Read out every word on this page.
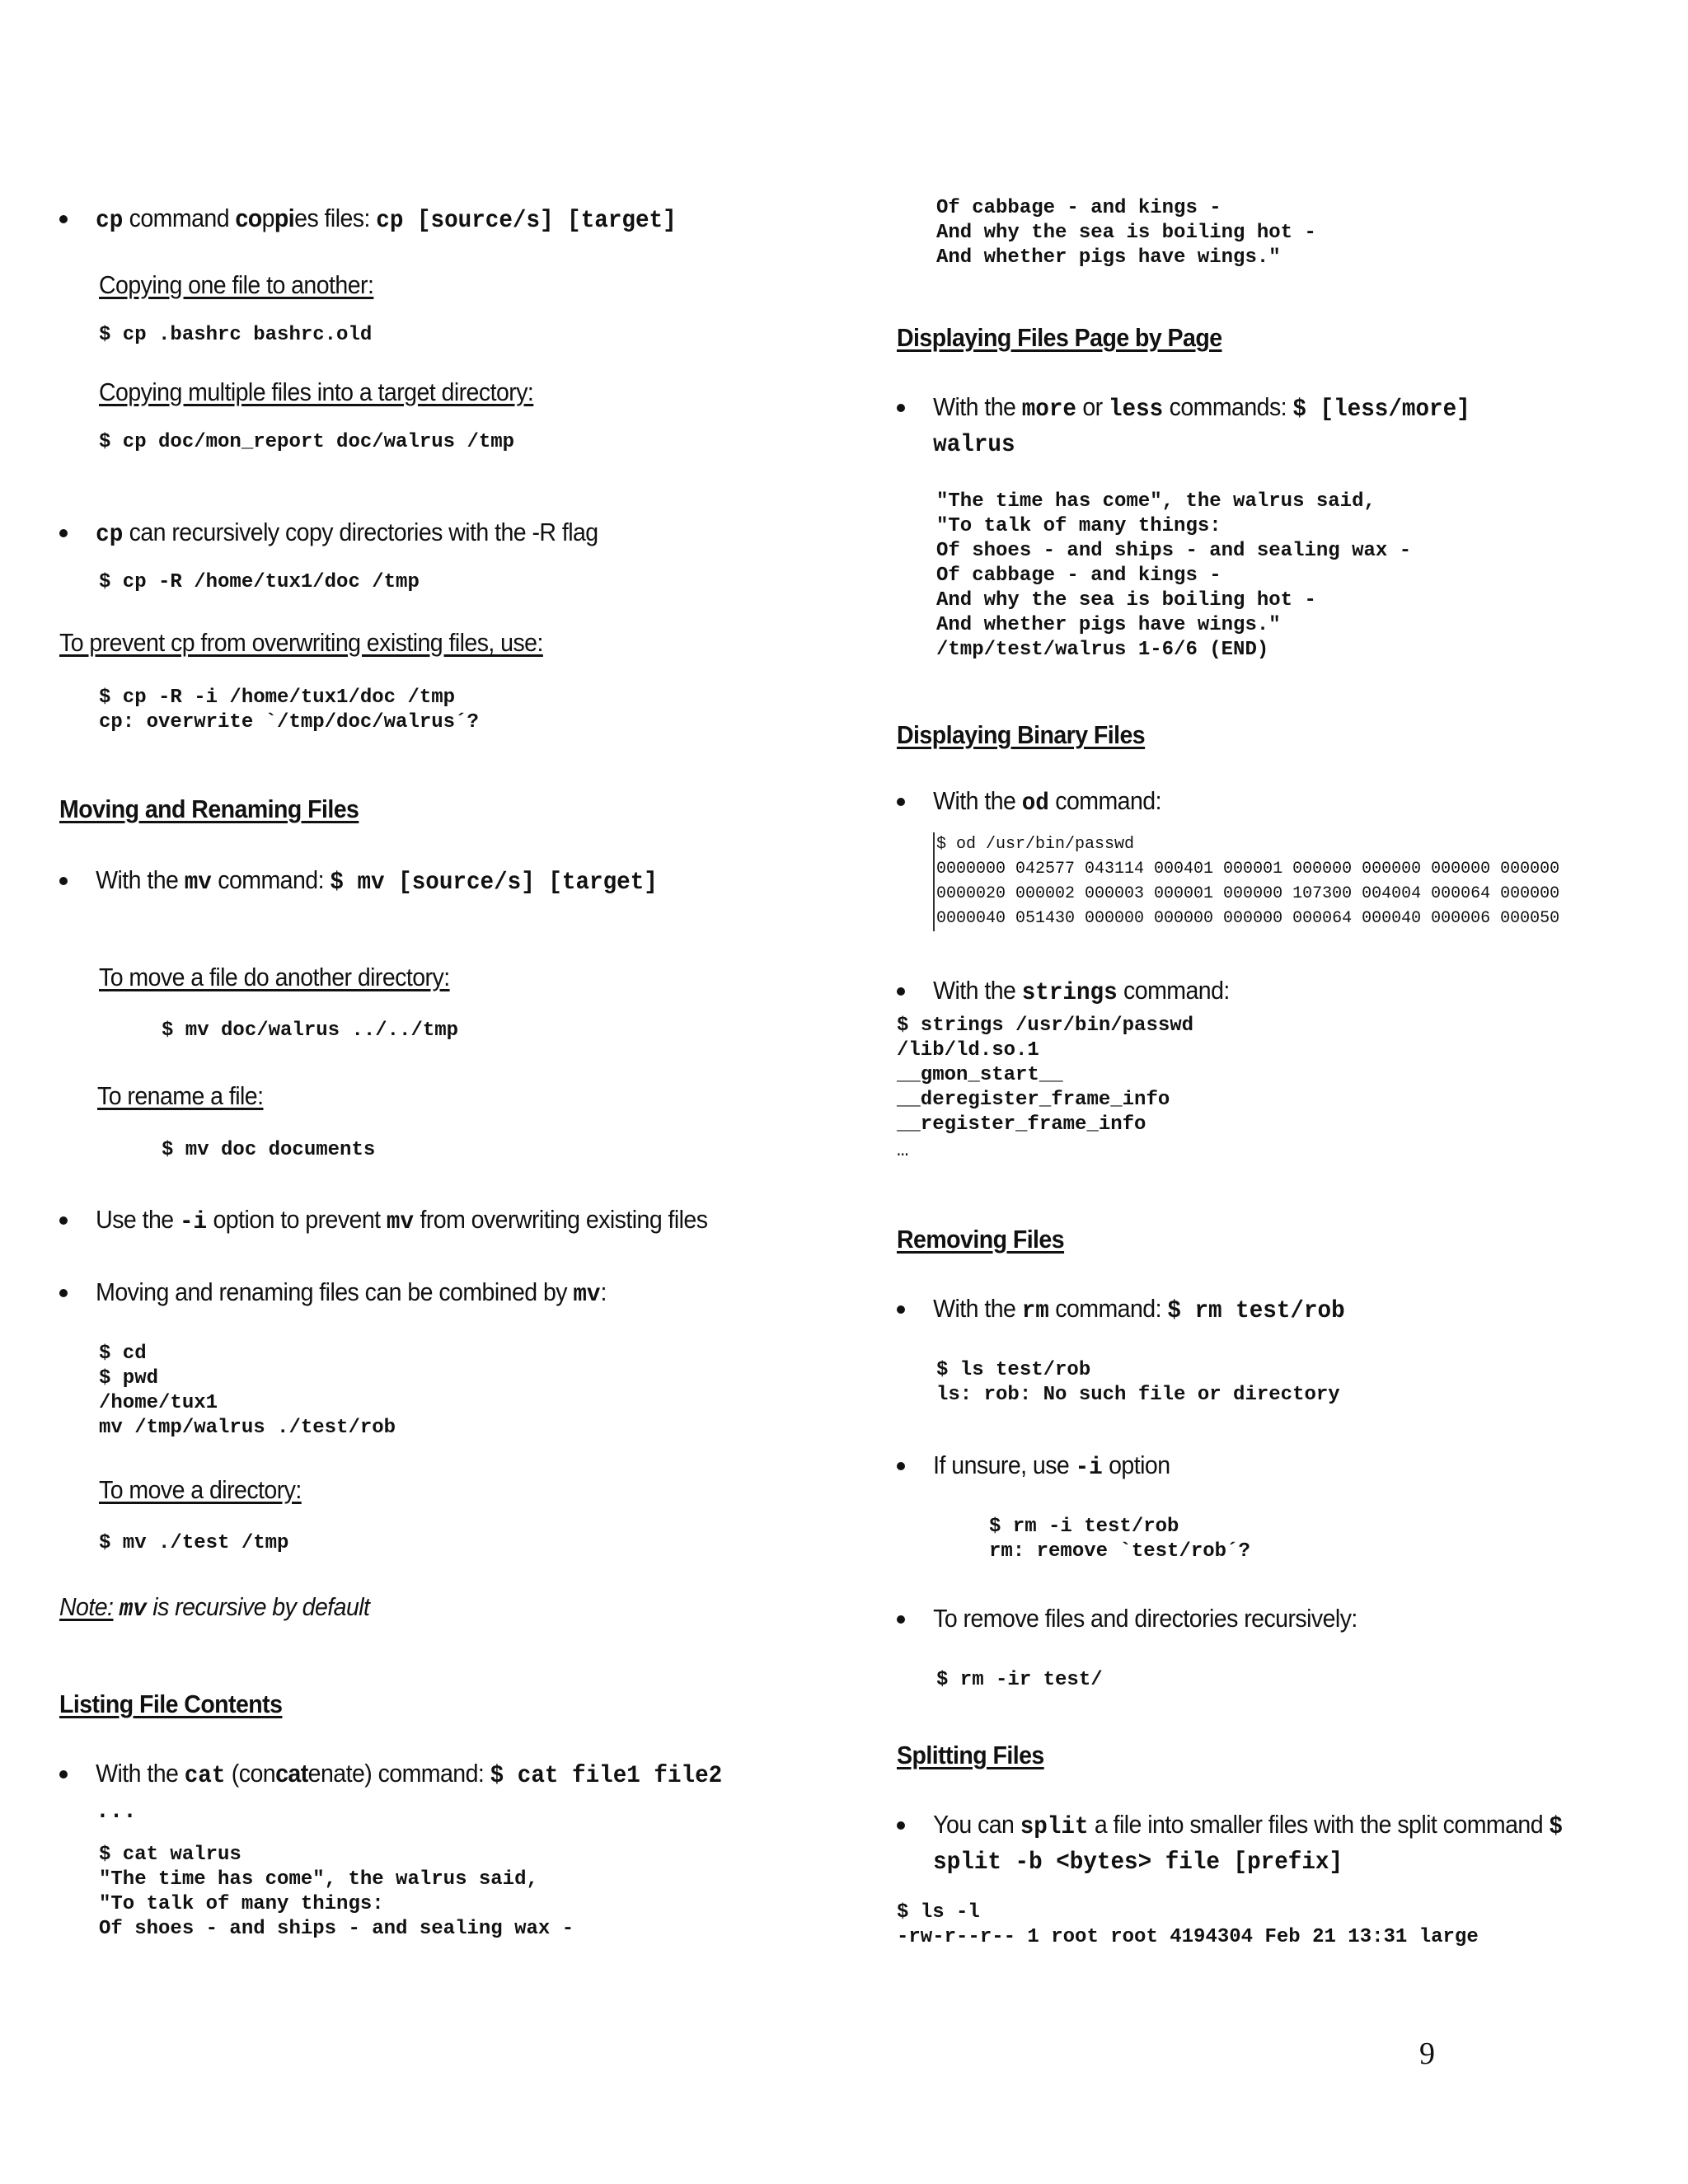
cp command coppies files: cp [source/s] [target]
Copying one file to another:
$ cp .bashrc bashrc.old
Copying multiple files into a target directory:
$ cp doc/mon_report doc/walrus /tmp
cp can recursively copy directories with the -R flag
$ cp -R /home/tux1/doc /tmp
To prevent cp from overwriting existing files, use:
$ cp -R -i /home/tux1/doc /tmp
cp: overwrite `/tmp/doc/walrus´?
Moving and Renaming Files
With the mv command: $ mv [source/s] [target]
To move a file do another directory:
$ mv doc/walrus ../../tmp
To rename a file:
$ mv doc documents
Use the -i option to prevent mv from overwriting existing files
Moving and renaming files can be combined by mv:
$ cd
$ pwd
/home/tux1
mv /tmp/walrus ./test/rob
To move a directory:
$ mv ./test /tmp
Note: mv is recursive by default
Listing File Contents
With the cat (concatenate) command: $ cat file1 file2
...
$ cat walrus
"The time has come", the walrus said,
"To talk of many things:
Of shoes - and ships - and sealing wax -
Of cabbage - and kings -
And why the sea is boiling hot -
And whether pigs have wings."
Displaying Files Page by Page
With the more or less commands: $ [less/more]
walrus
"The time has come", the walrus said,
"To talk of many things:
Of shoes - and ships - and sealing wax -
Of cabbage - and kings -
And why the sea is boiling hot -
And whether pigs have wings."
/tmp/test/walrus 1-6/6 (END)
Displaying Binary Files
With the od command:
$ od /usr/bin/passwd
0000000 042577 043114 000401 000001 000000 000000 000000 000000
0000020 000002 000003 000001 000000 107300 004004 000064 000000
0000040 051430 000000 000000 000000 000064 000040 000006 000050
With the strings command:
$ strings /usr/bin/passwd
/lib/ld.so.1
__gmon_start__
__deregister_frame_info
__register_frame_info
…
Removing Files
With the rm command: $ rm test/rob
$ ls test/rob
ls: rob: No such file or directory
If unsure, use -i option
$ rm -i test/rob
rm: remove `test/rob´?
To remove files and directories recursively:
$ rm -ir test/
Splitting Files
You can split a file into smaller files with the split command $
split -b <bytes> file [prefix]
$ ls -l
-rw-r--r-- 1 root root 4194304 Feb 21 13:31 large
9
